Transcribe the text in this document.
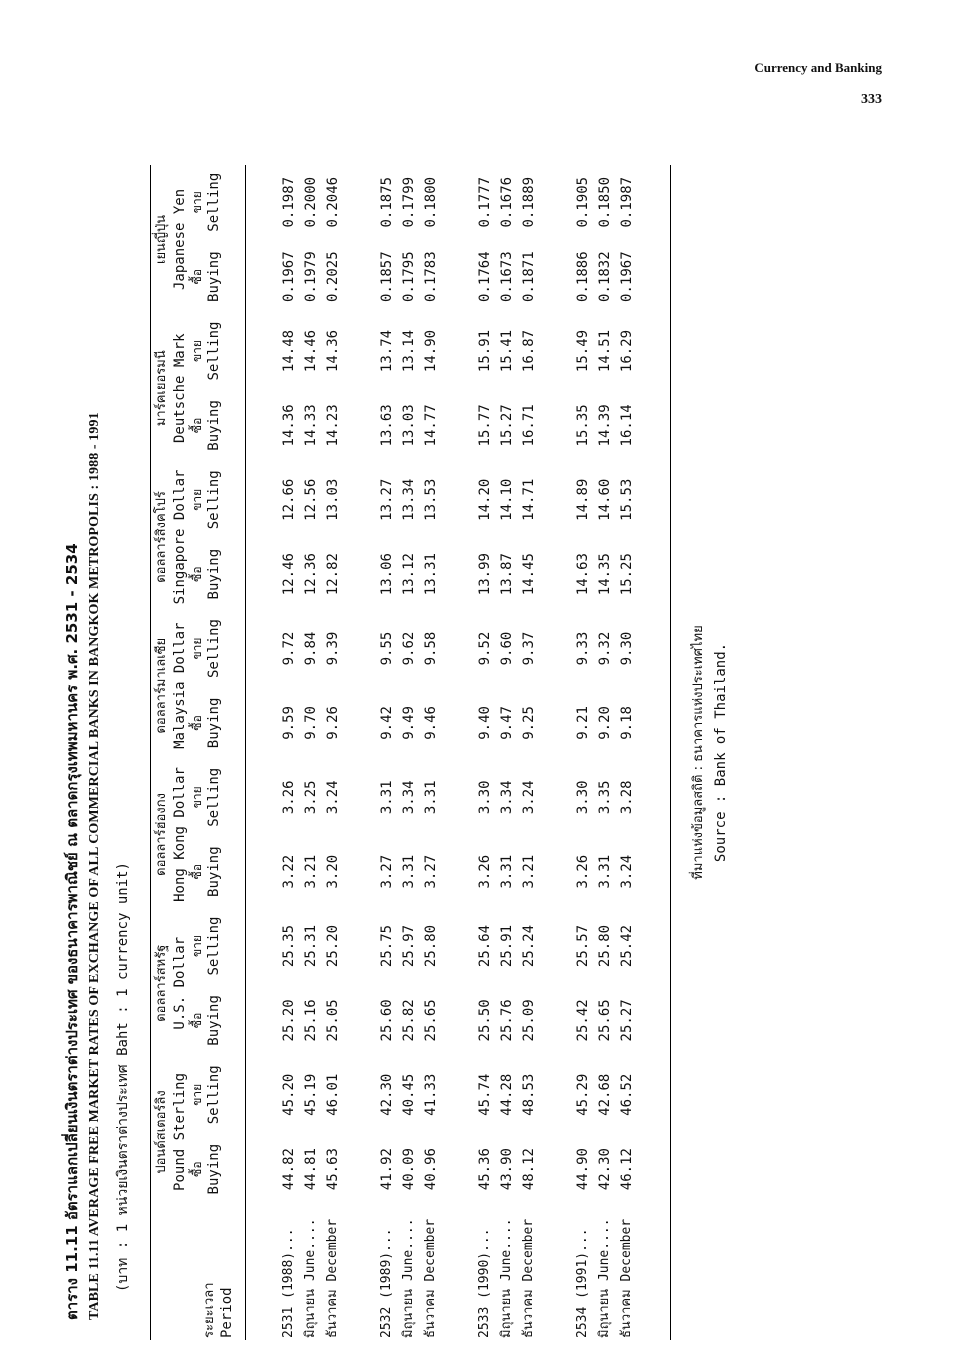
Currency and Banking
333
ตาราง 11.11 อัตราแลกเปลี่ยนเงินตราต่างประเทศ ของธนาคารพาณิชย์ ณ ตลาดกรุงเทพมหานคร พ.ศ. 2531 - 2534 TABLE 11.11 AVERAGE FREE MARKET RATES OF EXCHANGE OF ALL COMMERCIAL BANKS IN BANGKOK METROPOLIS : 1988 - 1991 (บาท : 1 หน่วยเงินตราต่างประเทศ Baht : 1 currency unit)

ระยะเวลา Period	ปอนด์สเตอร์ลิง Pound Sterling		ดอลลาร์สหรัฐ U.S. Dollar		ดอลลาร์ฮ่องกง Hong Kong Dollar		ดอลลาร์มาเลเซีย Malaysia Dollar		ดอลลาร์สิงคโปร์ Singapore Dollar		มาร์คเยอรมนี Deutsche Mark		เยนญี่ปุ่น Japanese Yen	

	ซื้อ Buying	ขาย Selling	ซื้อ Buying	ขาย Selling	ซื้อ Buying	ขาย Selling	ซื้อ Buying	ขาย Selling	ซื้อ Buying	ขาย Selling	ซื้อ Buying	ขาย Selling	ซื้อ Buying	ขาย Selling

2531 (1988)...	44.82	45.20	25.20	25.35	3.22	3.26	9.59	9.72	12.46	12.66	14.36	14.48	0.1967	0.1987
มิถุนายน June....	44.81	45.19	25.16	25.31	3.21	3.25	9.70	9.84	12.36	12.56	14.33	14.46	0.1979	0.2000
ธันวาคม December	45.63	46.01	25.05	25.20	3.20	3.24	9.26	9.39	12.82	13.03	14.23	14.36	0.2025	0.2046

2532 (1989)...	41.92	42.30	25.60	25.75	3.27	3.31	9.42	9.55	13.06	13.27	13.63	13.74	0.1857	0.1875
มิถุนายน June....	40.09	40.45	25.82	25.97	3.31	3.34	9.49	9.62	13.12	13.34	13.03	13.14	0.1795	0.1799
ธันวาคม December	40.96	41.33	25.65	25.80	3.27	3.31	9.46	9.58	13.31	13.53	14.77	14.90	0.1783	0.1800

2533 (1990)...	45.36	45.74	25.50	25.64	3.26	3.30	9.40	9.52	13.99	14.20	15.77	15.91	0.1764	0.1777
มิถุนายน June....	43.90	44.28	25.76	25.91	3.31	3.34	9.47	9.60	13.87	14.10	15.27	15.41	0.1673	0.1676
ธันวาคม December	48.12	48.53	25.09	25.24	3.21	3.24	9.25	9.37	14.45	14.71	16.71	16.87	0.1871	0.1889

2534 (1991)...	44.90	45.29	25.42	25.57	3.26	3.30	9.21	9.33	14.63	14.89	15.35	15.49	0.1886	0.1905
มิถุนายน June....	42.30	42.68	25.65	25.80	3.31	3.35	9.20	9.32	14.35	14.60	14.39	14.51	0.1832	0.1850
ธันวาคม December	46.12	46.52	25.27	25.42	3.24	3.28	9.18	9.30	15.25	15.53	16.14	16.29	0.1967	0.1987

ที่มาแห่งข้อมูลสถิติ : ธนาคารแห่งประเทศไทย Source : Bank of Thailand.
